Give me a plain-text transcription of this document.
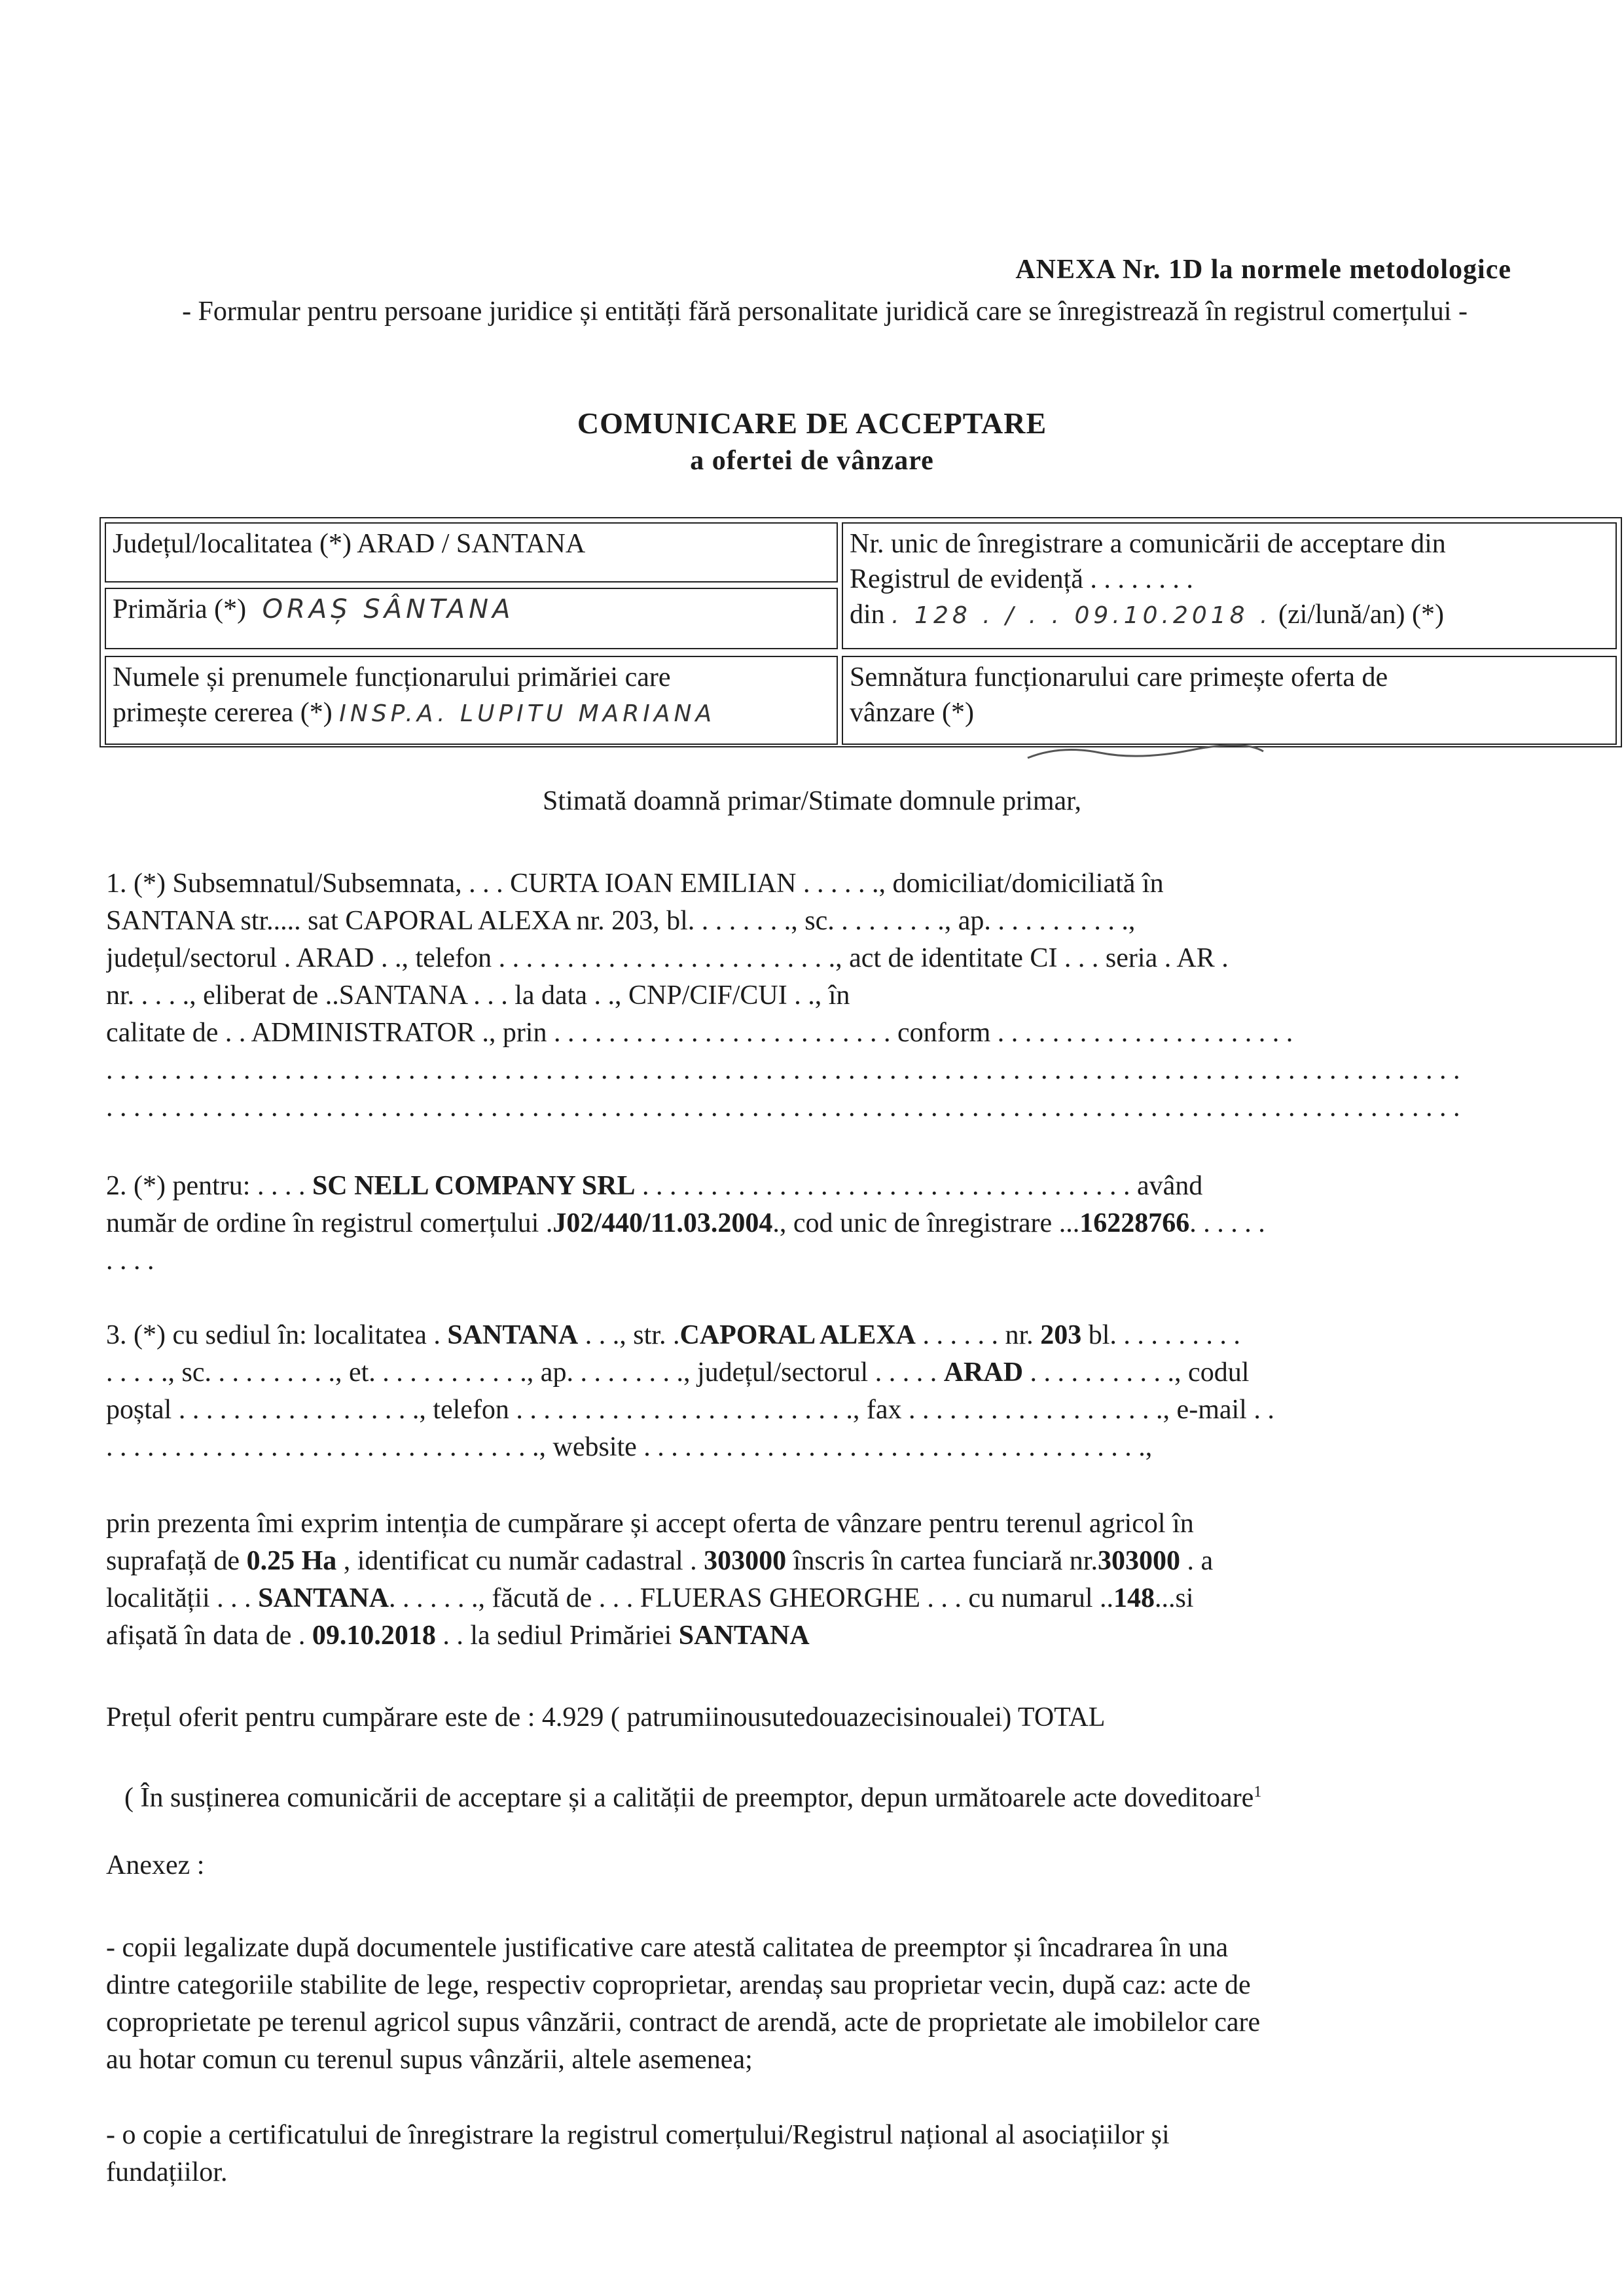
ANEXA Nr. 1D la normele metodologice
- Formular pentru persoane juridice și entități fără personalitate juridică care se înregistrează în registrul comerțului -
COMUNICARE DE ACCEPTARE
a ofertei de vânzare
Județul/localitatea (*) ARAD / SANTANA
Primăria (*) ORAȘ SÂNTANA
Numele și prenumele funcționarului primăriei care
primește cererea (*) INSP.A. LUPITU MARIANA
Nr. unic de înregistrare a comunicării de acceptare din
Registrul de evidență . . . . . . . .
din . 128 . / . . 09.10.2018 . (zi/lună/an) (*)
Semnătura funcționarului care primește oferta de
vânzare (*)
Stimată doamnă primar/Stimate domnule primar,
1. (*) Subsemnatul/Subsemnata, . . . CURTA IOAN EMILIAN . . . . . ., domiciliat/domiciliată în
SANTANA str..... sat CAPORAL ALEXA nr. 203, bl. . . . . . . ., sc. . . . . . . . ., ap. . . . . . . . . . .,
județul/sectorul . ARAD . ., telefon . . . . . . . . . . . . . . . . . . . . . . . . ., act de identitate CI . . . seria . AR .
nr. . . . ., eliberat de ..SANTANA . . . la data . ., CNP/CIF/CUI . ., în
calitate de . . ADMINISTRATOR ., prin . . . . . . . . . . . . . . . . . . . . . . . . . conform . . . . . . . . . . . . . . . . . . . . . .
. . . . . . . . . . . . . . . . . . . . . . . . . . . . . . . . . . . . . . . . . . . . . . . . . . . . . . . . . . . . . . . . . . . . . . . . . . . . . . . . . . . . . . . . . . . . . . . . . . .
. . . . . . . . . . . . . . . . . . . . . . . . . . . . . . . . . . . . . . . . . . . . . . . . . . . . . . . . . . . . . . . . . . . . . . . . . . . . . . . . . . . . . . . . . . . . . . . . . . .
2. (*) pentru: . . . . SC NELL COMPANY SRL . . . . . . . . . . . . . . . . . . . . . . . . . . . . . . . . . . . . având
număr de ordine în registrul comerțului .J02/440/11.03.2004., cod unic de înregistrare ...16228766. . . . . .
. . . .
3. (*) cu sediul în: localitatea . SANTANA . . ., str. .CAPORAL ALEXA . . . . . . nr. 203 bl. . . . . . . . . .
. . . . ., sc. . . . . . . . . ., et. . . . . . . . . . . ., ap. . . . . . . . ., județul/sectorul . . . . . ARAD . . . . . . . . . . ., codul
poștal . . . . . . . . . . . . . . . . . ., telefon . . . . . . . . . . . . . . . . . . . . . . . . ., fax . . . . . . . . . . . . . . . . . . ., e-mail . .
. . . . . . . . . . . . . . . . . . . . . . . . . . . . . . . ., website . . . . . . . . . . . . . . . . . . . . . . . . . . . . . . . . . . . . .,
prin prezenta îmi exprim intenția de cumpărare și accept oferta de vânzare pentru terenul agricol în
suprafață de 0.25 Ha , identificat cu număr cadastral . 303000 înscris în cartea funciară nr.303000 . a
localității . . . SANTANA. . . . . . ., făcută de . . . FLUERAS GHEORGHE . . . cu numarul ..148...si
afișată în data de . 09.10.2018 . . la sediul Primăriei SANTANA
Prețul oferit pentru cumpărare este de : 4.929 ( patrumiinousutedouazecisinoualei) TOTAL
( În susținerea comunicării de acceptare și a calității de preemptor, depun următoarele acte doveditoare$^1$
Anexez :
- copii legalizate după documentele justificative care atestă calitatea de preemptor și încadrarea în una
dintre categoriile stabilite de lege, respectiv coproprietar, arendaș sau proprietar vecin, după caz: acte de
coproprietate pe terenul agricol supus vânzării, contract de arendă, acte de proprietate ale imobilelor care
au hotar comun cu terenul supus vânzării, altele asemenea;
- o copie a certificatului de înregistrare la registrul comerțului/Registrul național al asociațiilor și
fundațiilor.
